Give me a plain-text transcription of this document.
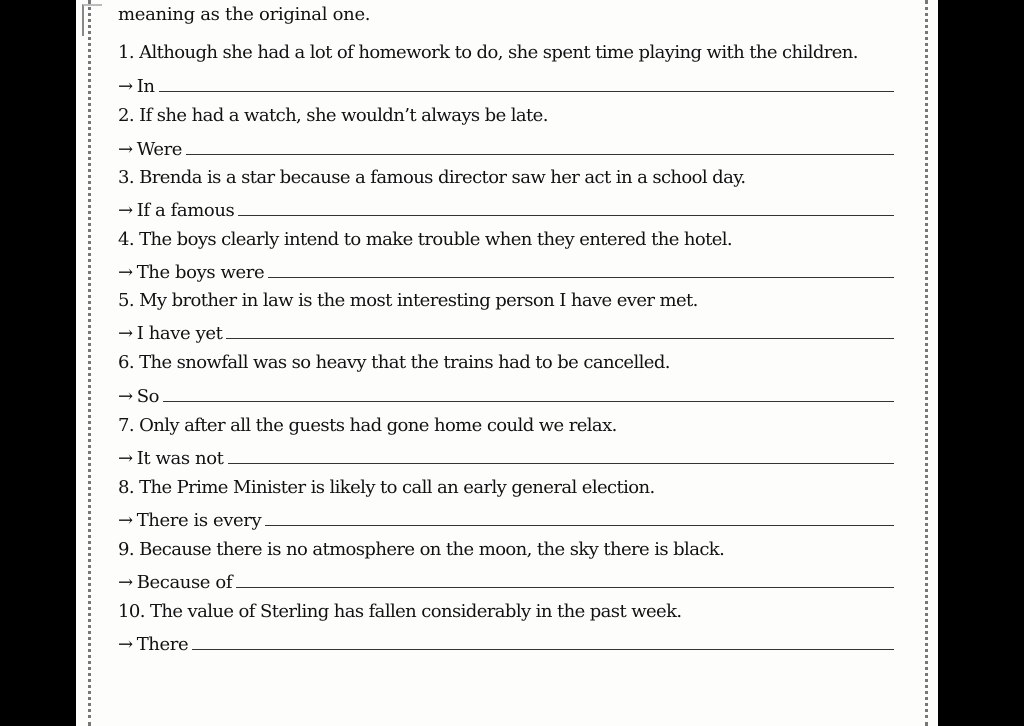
meaning as the original one.
1. Although she had a lot of homework to do, she spent time playing with the children.
→ In
2. If she had a watch, she wouldn’t always be late.
→ Were
3. Brenda is a star because a famous director saw her act in a school day.
→ If a famous
4. The boys clearly intend to make trouble when they entered the hotel.
→ The boys were
5. My brother in law is the most interesting person I have ever met.
→ I have yet
6. The snowfall was so heavy that the trains had to be cancelled.
→ So
7. Only after all the guests had gone home could we relax.
→ It was not
8. The Prime Minister is likely to call an early general election.
→ There is every
9. Because there is no atmosphere on the moon, the sky there is black.
→ Because of
10. The value of Sterling has fallen considerably in the past week.
→ There
